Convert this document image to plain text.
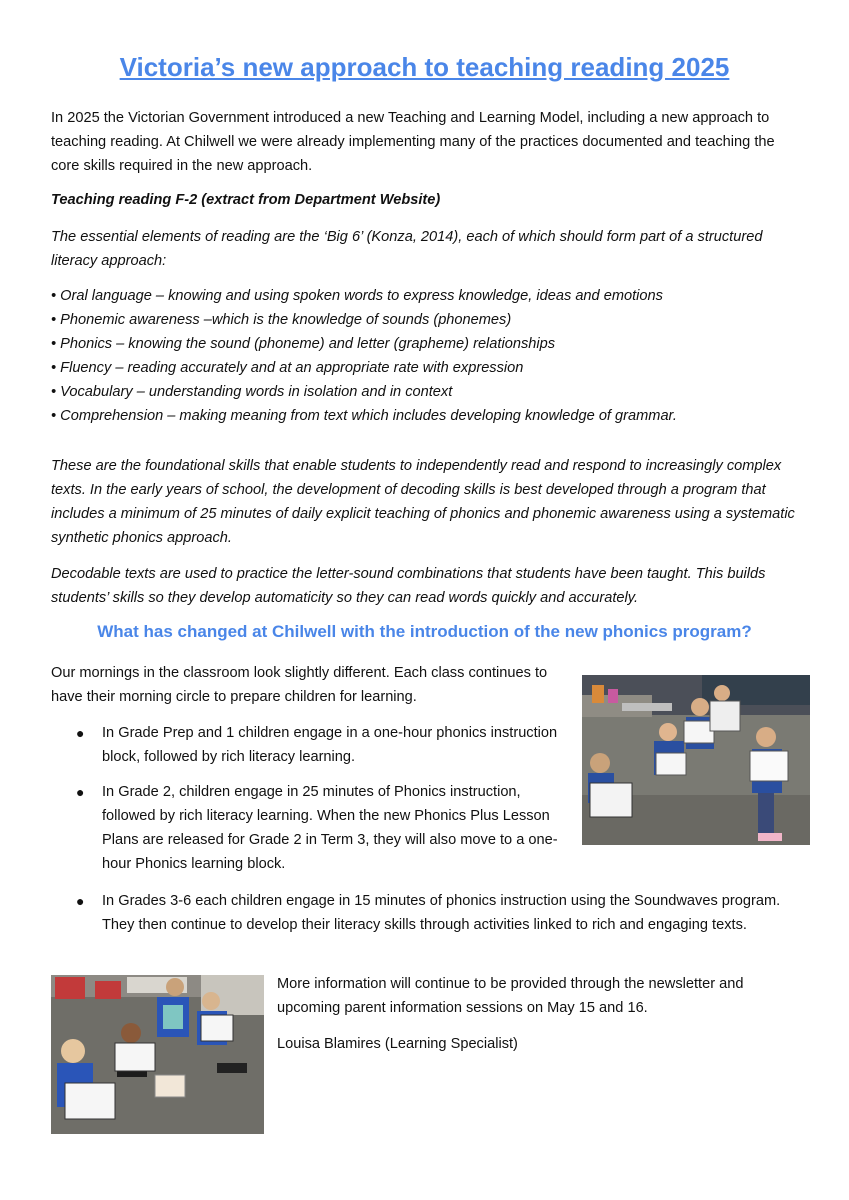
Victoria’s new approach to teaching reading 2025

In 2025 the Victorian Government introduced a new Teaching and Learning Model, including a new approach to teaching reading. At Chilwell we were already implementing many of the practices documented and teaching the core skills required in the new approach.

Teaching reading F-2 (extract from Department Website)

The essential elements of reading are the ‘Big 6’ (Konza, 2014), each of which should form part of a structured literacy approach:

• Oral language – knowing and using spoken words to express knowledge, ideas and emotions
• Phonemic awareness –which is the knowledge of sounds (phonemes)
• Phonics – knowing the sound (phoneme) and letter (grapheme) relationships
• Fluency – reading accurately and at an appropriate rate with expression
• Vocabulary – understanding words in isolation and in context
• Comprehension – making meaning from text which includes developing knowledge of grammar.

These are the foundational skills that enable students to independently read and respond to increasingly complex texts. In the early years of school, the development of decoding skills is best developed through a program that includes a minimum of 25 minutes of daily explicit teaching of phonics and phonemic awareness using a systematic synthetic phonics approach.

Decodable texts are used to practice the letter-sound combinations that students have been taught. This builds students’ skills so they develop automaticity so they can read words quickly and accurately.

What has changed at Chilwell with the introduction of the new phonics program?

Our mornings in the classroom look slightly different. Each class continues to have their morning circle to prepare children for learning.

● In Grade Prep and 1 children engage in a one-hour phonics instruction block, followed by rich literacy learning.
● In Grade 2, children engage in 25 minutes of Phonics instruction, followed by rich literacy learning. When the new Phonics Plus Lesson Plans are released for Grade 2 in Term 3, they will also move to a one-hour Phonics learning block.
● In Grades 3-6 each children engage in 15 minutes of phonics instruction using the Soundwaves program. They then continue to develop their literacy skills through activities linked to rich and engaging texts.

More information will continue to be provided through the newsletter and upcoming parent information sessions on May 15 and 16.

Louisa Blamires (Learning Specialist)
